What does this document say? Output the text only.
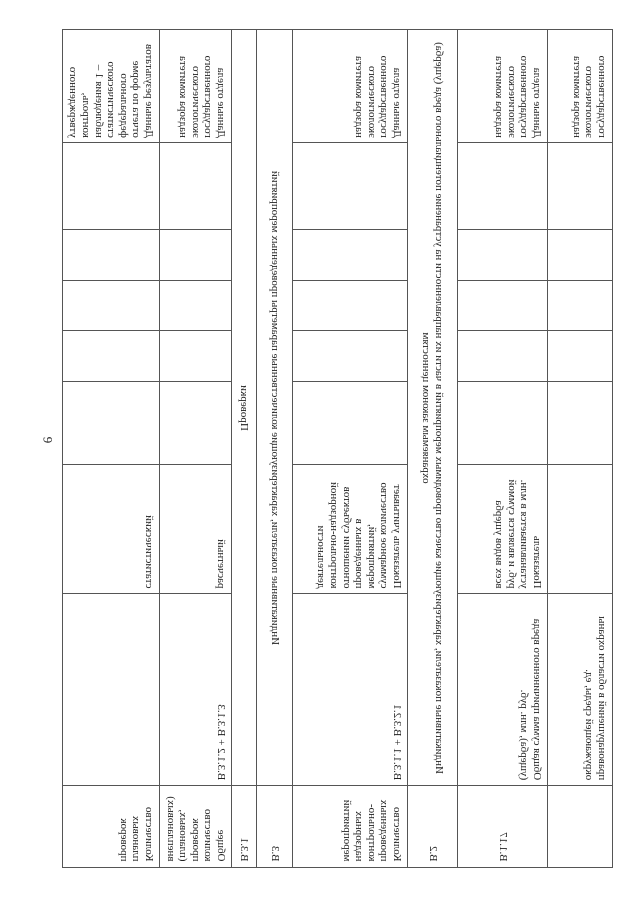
6
государственного экологического надзора комитета							правонарушений в области охраны окружающей среды, ед.	
Данные отдела государственного экологического надзора комитета						Показатель устанавливается в млн. руб. и является суммой всех видов ущерба	Общая сумма причиненного вреда (ущерба), млн. руб.	В.1.17
Индикативные показатели, характеризующие качество проводимых мероприятий в части их направленности на устранение потенциального вреда (ущерба) охраняемым законом ценностям								В.2
Данные отдела государственного экологического надзора комитета						Показатель учитывает суммарное количество мероприятий, проведенных в отношении субъектов контрольно-надзорной деятельности	В.3.1.1 + В.3.2.1	Количество проведенных контрольно-надзорных мероприятий
Индикативные показатели, характеризующие количественные параметры проведенных мероприятий								В.3
Проверки								В.3.1
Данные отдела государственного экологического надзора комитета						расчетный	В.3.1.2 + В.3.1.3	Общее количество проверок (плановых, внеплановых)
Данные результатов отчета по форме федерального статистического наблюдения 1 –контроль, утвержденного						статистический		Количество плановых проверок
